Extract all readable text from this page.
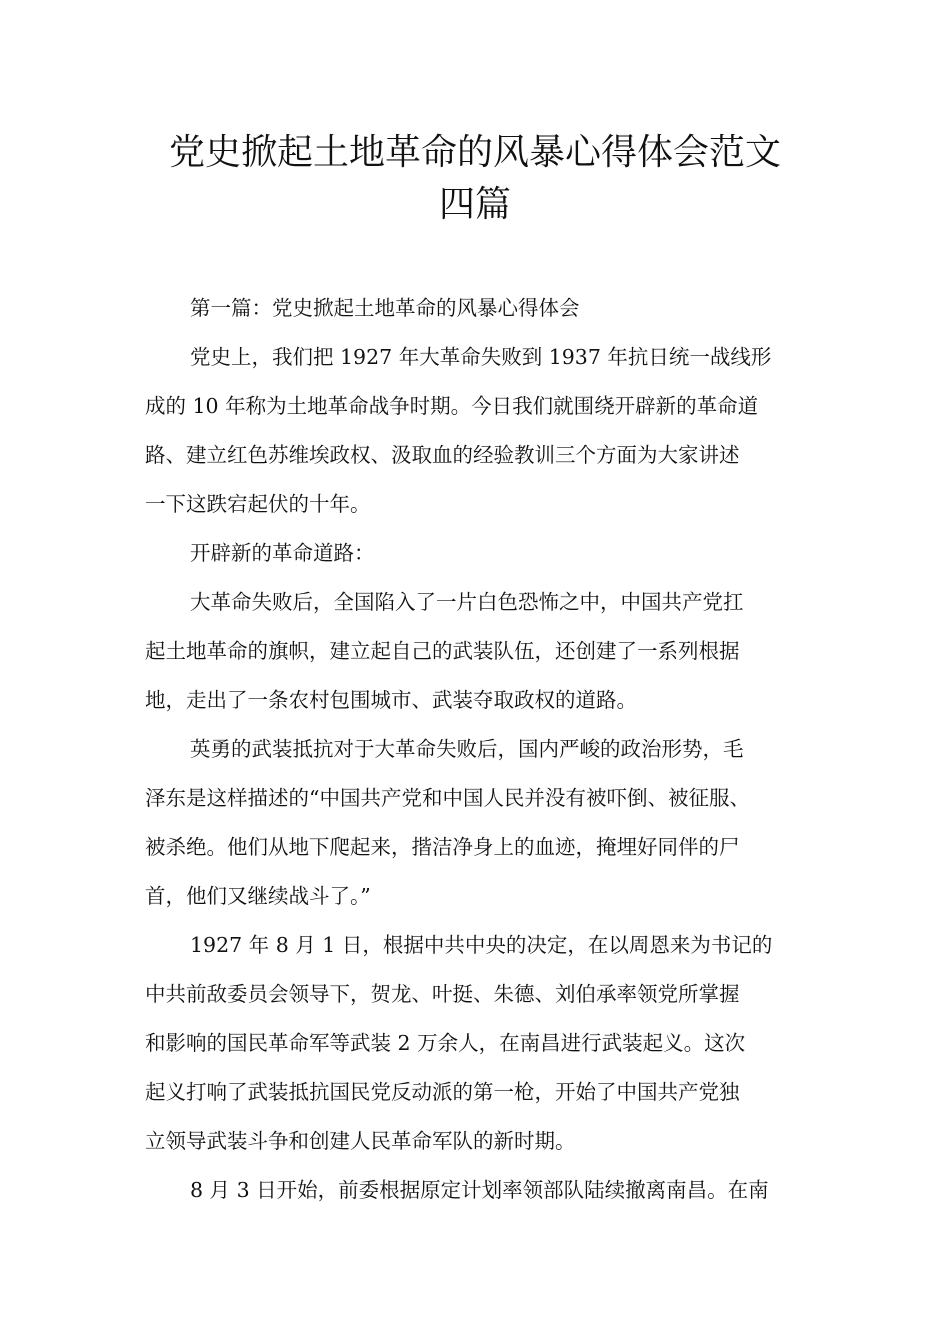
党史掀起土地革命的风暴心得体会范文
四篇
第一篇：党史掀起土地革命的风暴心得体会
党史上，我们把 1927 年大革命失败到 1937 年抗日统一战线形
成的 10 年称为土地革命战争时期。今日我们就围绕开辟新的革命道
路、建立红色苏维埃政权、汲取血的经验教训三个方面为大家讲述
一下这跌宕起伏的十年。
开辟新的革命道路：
大革命失败后，全国陷入了一片白色恐怖之中，中国共产党扛
起土地革命的旗帜，建立起自己的武装队伍，还创建了一系列根据
地，走出了一条农村包围城市、武装夺取政权的道路。
英勇的武装抵抗对于大革命失败后，国内严峻的政治形势，毛
泽东是这样描述的“中国共产党和中国人民并没有被吓倒、被征服、
被杀绝。他们从地下爬起来，揩洁净身上的血迹，掩埋好同伴的尸
首，他们又继续战斗了。”
1927 年 8 月 1 日，根据中共中央的决定，在以周恩来为书记的
中共前敌委员会领导下，贺龙、叶挺、朱德、刘伯承率领党所掌握
和影响的国民革命军等武装 2 万余人，在南昌进行武装起义。这次
起义打响了武装抵抗国民党反动派的第一枪，开始了中国共产党独
立领导武装斗争和创建人民革命军队的新时期。
8 月 3 日开始，前委根据原定计划率领部队陆续撤离南昌。在南
